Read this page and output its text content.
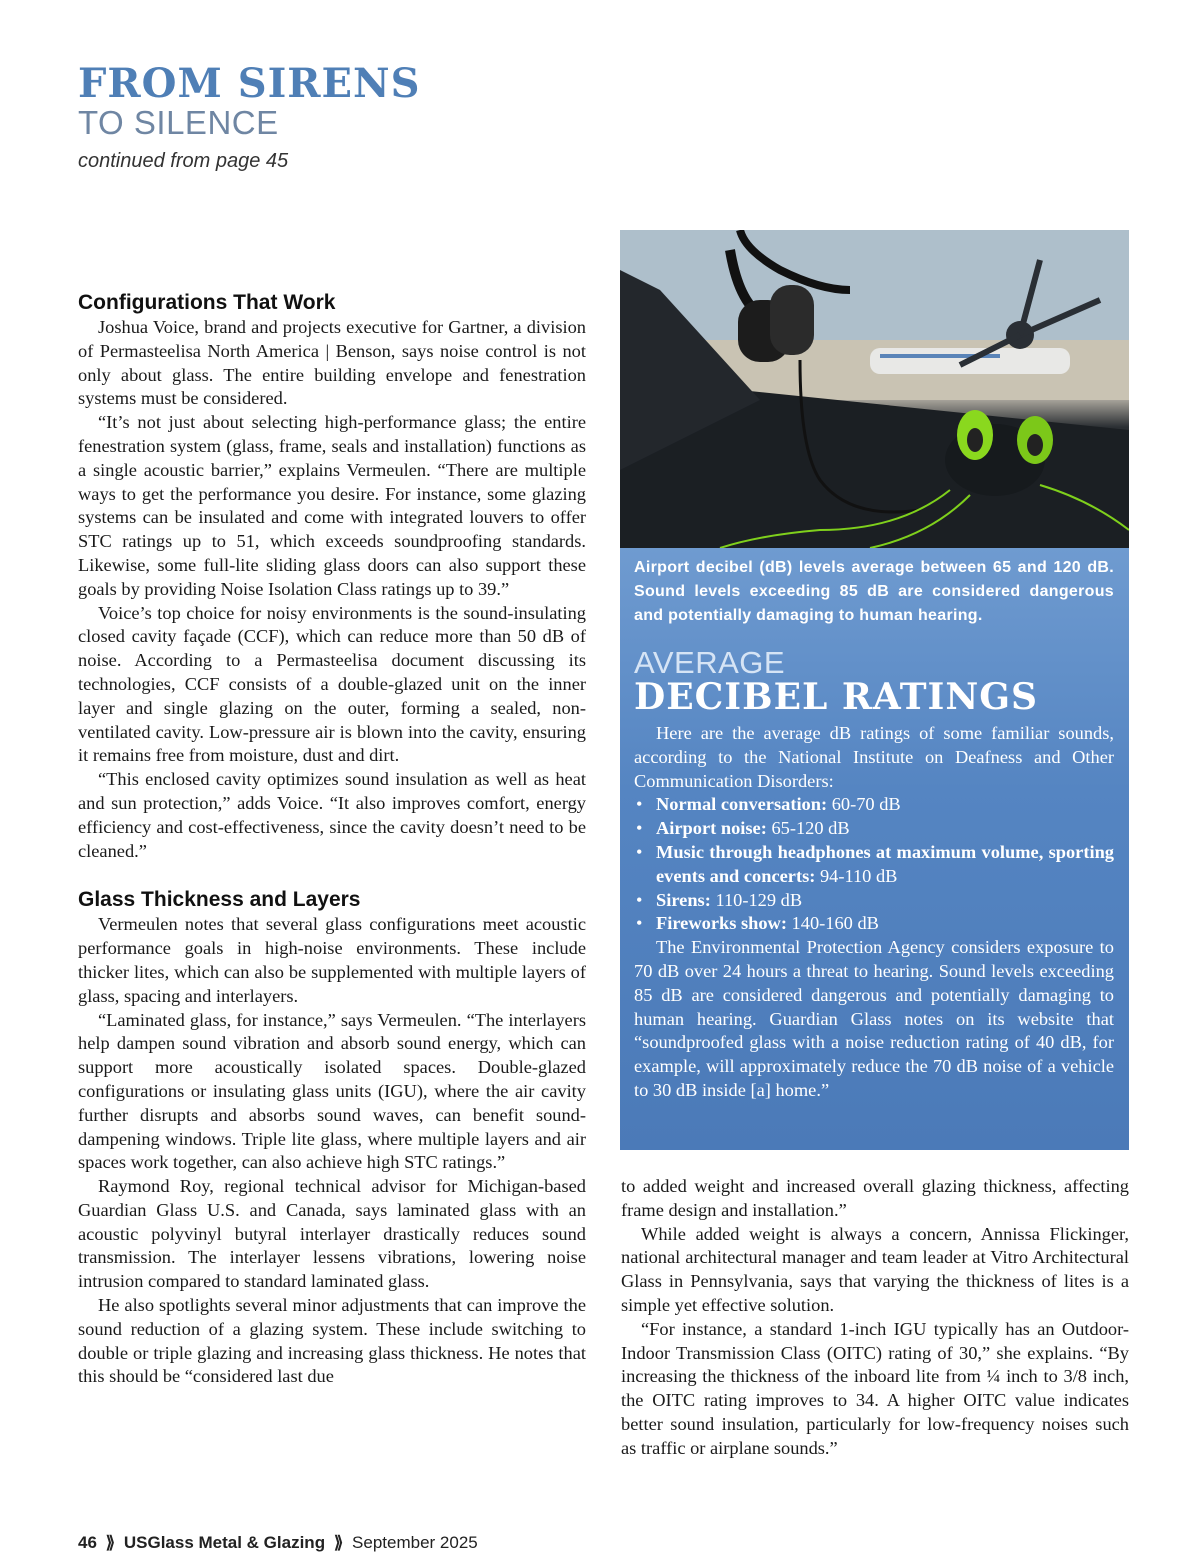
FROM SIRENS
TO SILENCE
continued from page 45
Configurations That Work

Joshua Voice, brand and projects executive for Gartner, a division of Permasteelisa North America | Benson, says noise control is not only about glass. The entire building envelope and fenestration systems must be considered.

“It’s not just about selecting high-performance glass; the entire fenestration system (glass, frame, seals and installation) functions as a single acoustic barrier,” explains Vermeulen. “There are multiple ways to get the performance you desire. For instance, some glazing systems can be insulated and come with integrated louvers to offer STC ratings up to 51, which exceeds soundproofing standards. Likewise, some full-lite sliding glass doors can also support these goals by providing Noise Isolation Class ratings up to 39.”

Voice’s top choice for noisy environments is the sound-insulating closed cavity façade (CCF), which can reduce more than 50 dB of noise. According to a Permasteelisa document discussing its technologies, CCF consists of a double-glazed unit on the inner layer and single glazing on the outer, forming a sealed, non-ventilated cavity. Low-pressure air is blown into the cavity, ensuring it remains free from moisture, dust and dirt.

“This enclosed cavity optimizes sound insulation as well as heat and sun protection,” adds Voice. “It also improves comfort, energy efficiency and cost-effectiveness, since the cavity doesn’t need to be cleaned.”

Glass Thickness and Layers

Vermeulen notes that several glass configurations meet acoustic performance goals in high-noise environments. These include thicker lites, which can also be supplemented with multiple layers of glass, spacing and interlayers.

“Laminated glass, for instance,” says Vermeulen. “The interlayers help dampen sound vibration and absorb sound energy, which can support more acoustically isolated spaces. Double-glazed configurations or insulating glass units (IGU), where the air cavity further disrupts and absorbs sound waves, can benefit sound-dampening windows. Triple lite glass, where multiple layers and air spaces work together, can also achieve high STC ratings.”

Raymond Roy, regional technical advisor for Michigan-based Guardian Glass U.S. and Canada, says laminated glass with an acoustic polyvinyl butyral interlayer drastically reduces sound transmission. The interlayer lessens vibrations, lowering noise intrusion compared to standard laminated glass.

He also spotlights several minor adjustments that can improve the sound reduction of a glazing system. These include switching to double or triple glazing and increasing glass thickness. He notes that this should be “considered last due

Airport decibel (dB) levels average between 65 and 120 dB. Sound levels exceeding 85 dB are considered dangerous and potentially damaging to human hearing.
AVERAGE
DECIBEL RATINGS

Here are the average dB ratings of some familiar sounds, according to the National Institute on Deafness and Other Communication Disorders:

• Normal conversation: 60-70 dB
• Airport noise: 65-120 dB
• Music through headphones at maximum volume, sporting events and concerts: 94-110 dB
• Sirens: 110-129 dB
• Fireworks show: 140-160 dB

The Environmental Protection Agency considers exposure to 70 dB over 24 hours a threat to hearing. Sound levels exceeding 85 dB are considered dangerous and potentially damaging to human hearing. Guardian Glass notes on its website that “soundproofed glass with a noise reduction rating of 40 dB, for example, will approximately reduce the 70 dB noise of a vehicle to 30 dB inside [a] home.”

to added weight and increased overall glazing thickness, affecting frame design and installation.”

While added weight is always a concern, Annissa Flickinger, national architectural manager and team leader at Vitro Architectural Glass in Pennsylvania, says that varying the thickness of lites is a simple yet effective solution.

“For instance, a standard 1-inch IGU typically has an Outdoor-Indoor Transmission Class (OITC) rating of 30,” she explains. “By increasing the thickness of the inboard lite from ¼ inch to 3/8 inch, the OITC rating improves to 34. A higher OITC value indicates better sound insulation, particularly for low-frequency noises such as traffic or airplane sounds.”

46 ⟫ USGlass Metal & Glazing ⟫ September 2025
